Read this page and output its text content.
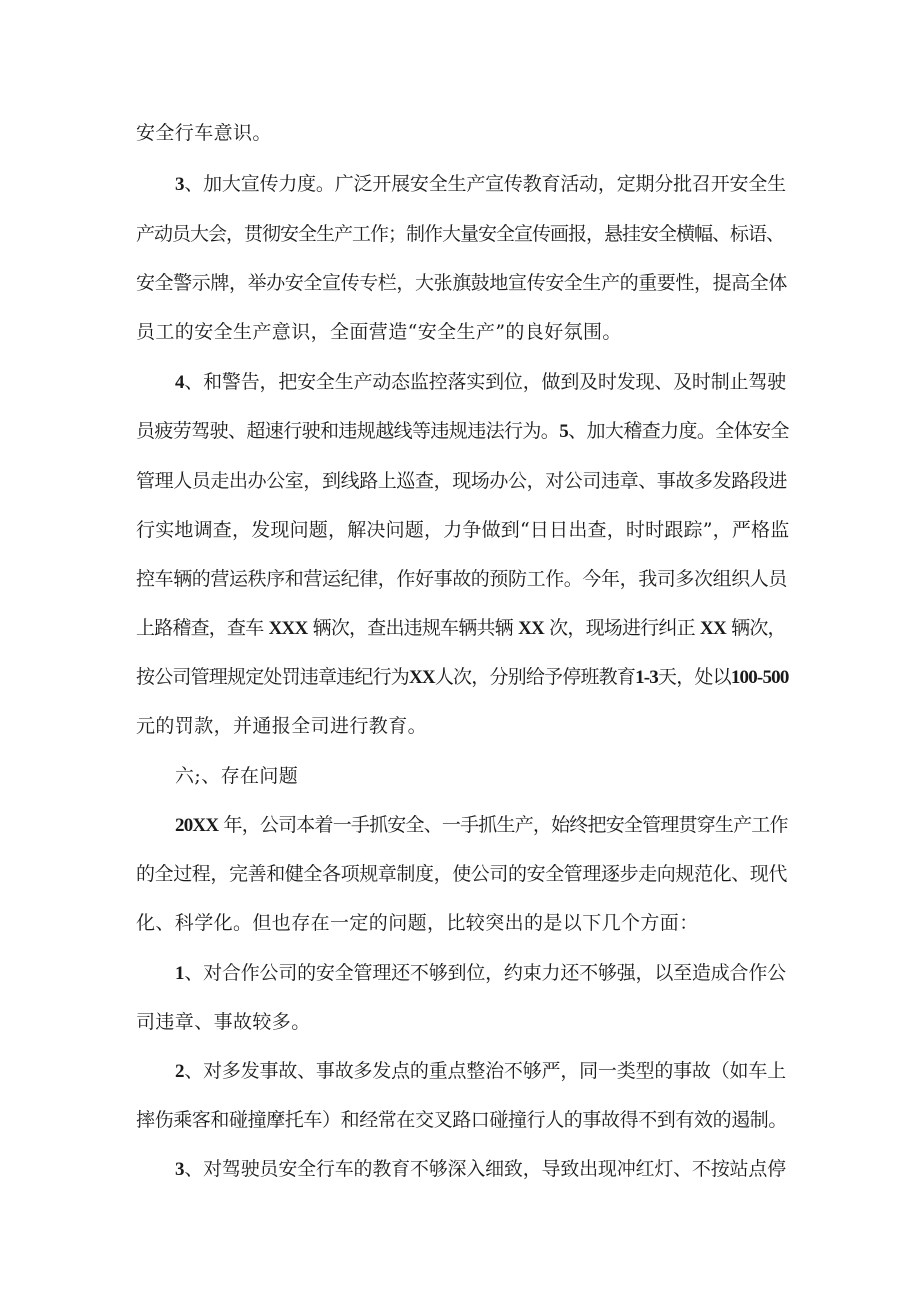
安全行车意识。
3、加大宣传力度。广泛开展安全生产宣传教育活动，定期分批召开安全生
产动员大会，贯彻安全生产工作；制作大量安全宣传画报，悬挂安全横幅、标语、
安全警示牌，举办安全宣传专栏，大张旗鼓地宣传安全生产的重要性，提高全体
员工的安全生产意识，全面营造“安全生产”的良好氛围。
4、和警告，把安全生产动态监控落实到位，做到及时发现、及时制止驾驶
员疲劳驾驶、超速行驶和违规越线等违规违法行为。5、加大稽查力度。全体安全
管理人员走出办公室，到线路上巡查，现场办公，对公司违章、事故多发路段进
行实地调查，发现问题，解决问题，力争做到“日日出查，时时跟踪”，严格监
控车辆的营运秩序和营运纪律，作好事故的预防工作。今年，我司多次组织人员
上路稽查，查车 XXX 辆次，查出违规车辆共辆 XX 次，现场进行纠正 XX 辆次，
按公司管理规定处罚违章违纪行为XX人次，分别给予停班教育1-3天，处以100-500
元的罚款，并通报全司进行教育。
六;、存在问题
20XX 年，公司本着一手抓安全、一手抓生产，始终把安全管理贯穿生产工作
的全过程，完善和健全各项规章制度，使公司的安全管理逐步走向规范化、现代
化、科学化。但也存在一定的问题，比较突出的是以下几个方面：
1、对合作公司的安全管理还不够到位，约束力还不够强，以至造成合作公
司违章、事故较多。
2、对多发事故、事故多发点的重点整治不够严，同一类型的事故（如车上
摔伤乘客和碰撞摩托车）和经常在交叉路口碰撞行人的事故得不到有效的遏制。
3、对驾驶员安全行车的教育不够深入细致，导致出现冲红灯、不按站点停
